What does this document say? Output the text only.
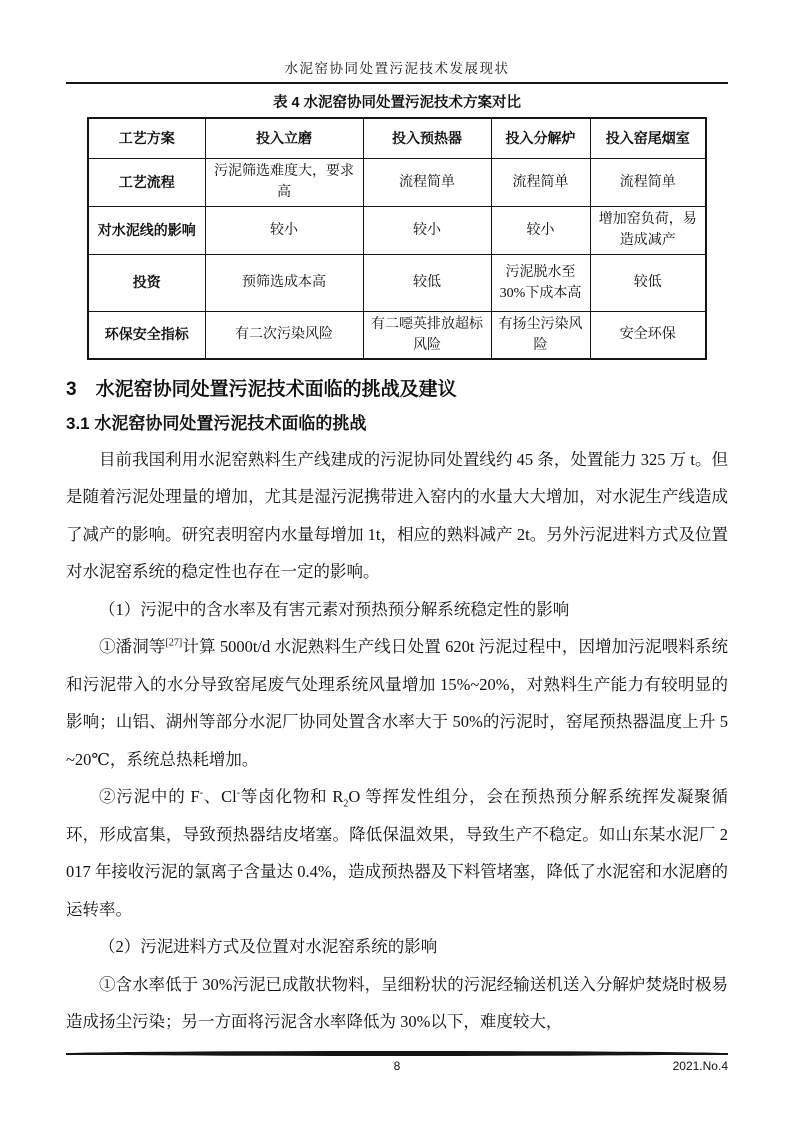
水泥窑协同处置污泥技术发展现状
表 4 水泥窑协同处置污泥技术方案对比
工艺方案	投入立磨	投入预热器	投入分解炉	投入窑尾烟室
工艺流程	污泥筛选难度大，要求高	流程简单	流程简单	流程简单
对水泥线的影响	较小	较小	较小	增加窑负荷，易造成减产
投资	预筛选成本高	较低	污泥脱水至 30%下成本高	较低
环保安全指标	有二次污染风险	有二噁英排放超标风险	有扬尘污染风险	安全环保
3　水泥窑协同处置污泥技术面临的挑战及建议
3.1 水泥窑协同处置污泥技术面临的挑战

目前我国利用水泥窑熟料生产线建成的污泥协同处置线约 45 条，处置能力 325 万 t。但是随着污泥处理量的增加，尤其是湿污泥携带进入窑内的水量大大增加，对水泥生产线造成了减产的影响。研究表明窑内水量每增加 1t，相应的熟料减产 2t。另外污泥进料方式及位置对水泥窑系统的稳定性也存在一定的影响。

（1）污泥中的含水率及有害元素对预热预分解系统稳定性的影响

①潘洞等[27]计算 5000t/d 水泥熟料生产线日处置 620t 污泥过程中，因增加污泥喂料系统和污泥带入的水分导致窑尾废气处理系统风量增加 15%~20%，对熟料生产能力有较明显的影响；山铝、湖州等部分水泥厂协同处置含水率大于 50%的污泥时，窑尾预热器温度上升 5~20℃，系统总热耗增加。

②污泥中的 F-、Cl-等卤化物和 $R_2O$ 等挥发性组分，会在预热预分解系统挥发凝聚循环，形成富集，导致预热器结皮堵塞。降低保温效果，导致生产不稳定。如山东某水泥厂 2017 年接收污泥的氯离子含量达 0.4%，造成预热器及下料管堵塞，降低了水泥窑和水泥磨的运转率。

（2）污泥进料方式及位置对水泥窑系统的影响

①含水率低于 30%污泥已成散状物料，呈细粉状的污泥经输送机送入分解炉焚烧时极易造成扬尘污染；另一方面将污泥含水率降低为 30%以下，难度较大，

8	2021.No.4
